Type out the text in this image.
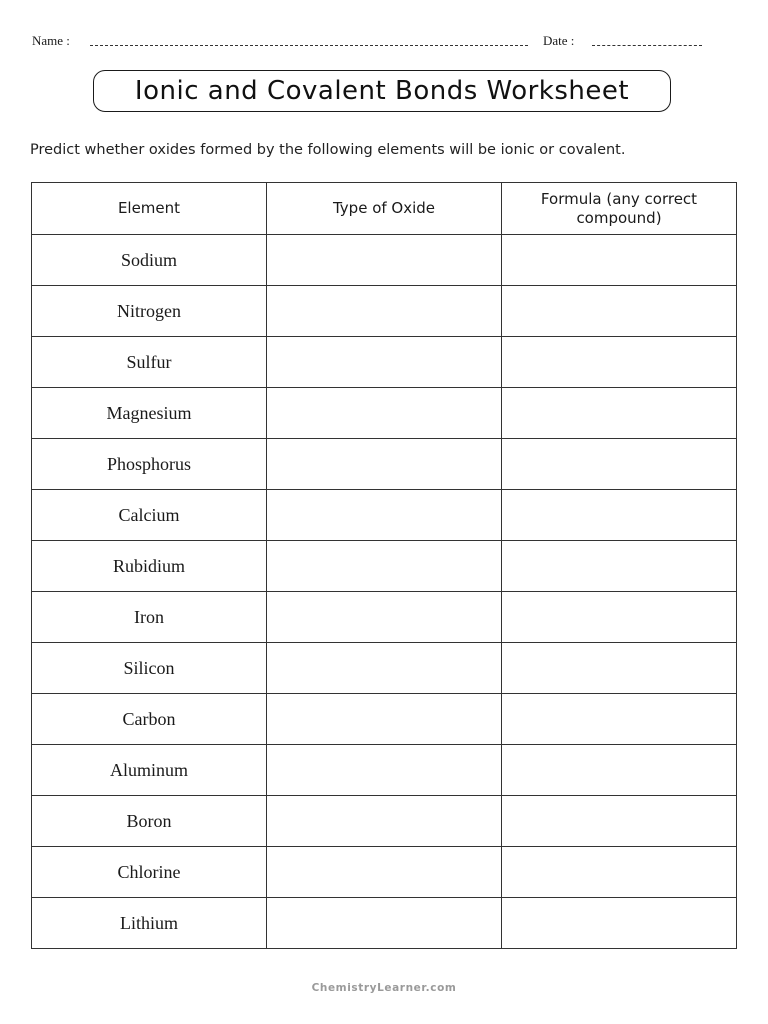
Name :	Date :
Ionic and Covalent Bonds Worksheet
Predict whether oxides formed by the following elements will be ionic or covalent.
Element	Type of Oxide	Formula (any correct compound)

Sodium		
Nitrogen		
Sulfur		
Magnesium		
Phosphorus		
Calcium		
Rubidium		
Iron		
Silicon		
Carbon		
Aluminum		
Boron		
Chlorine		
Lithium		
ChemistryLearner.com
